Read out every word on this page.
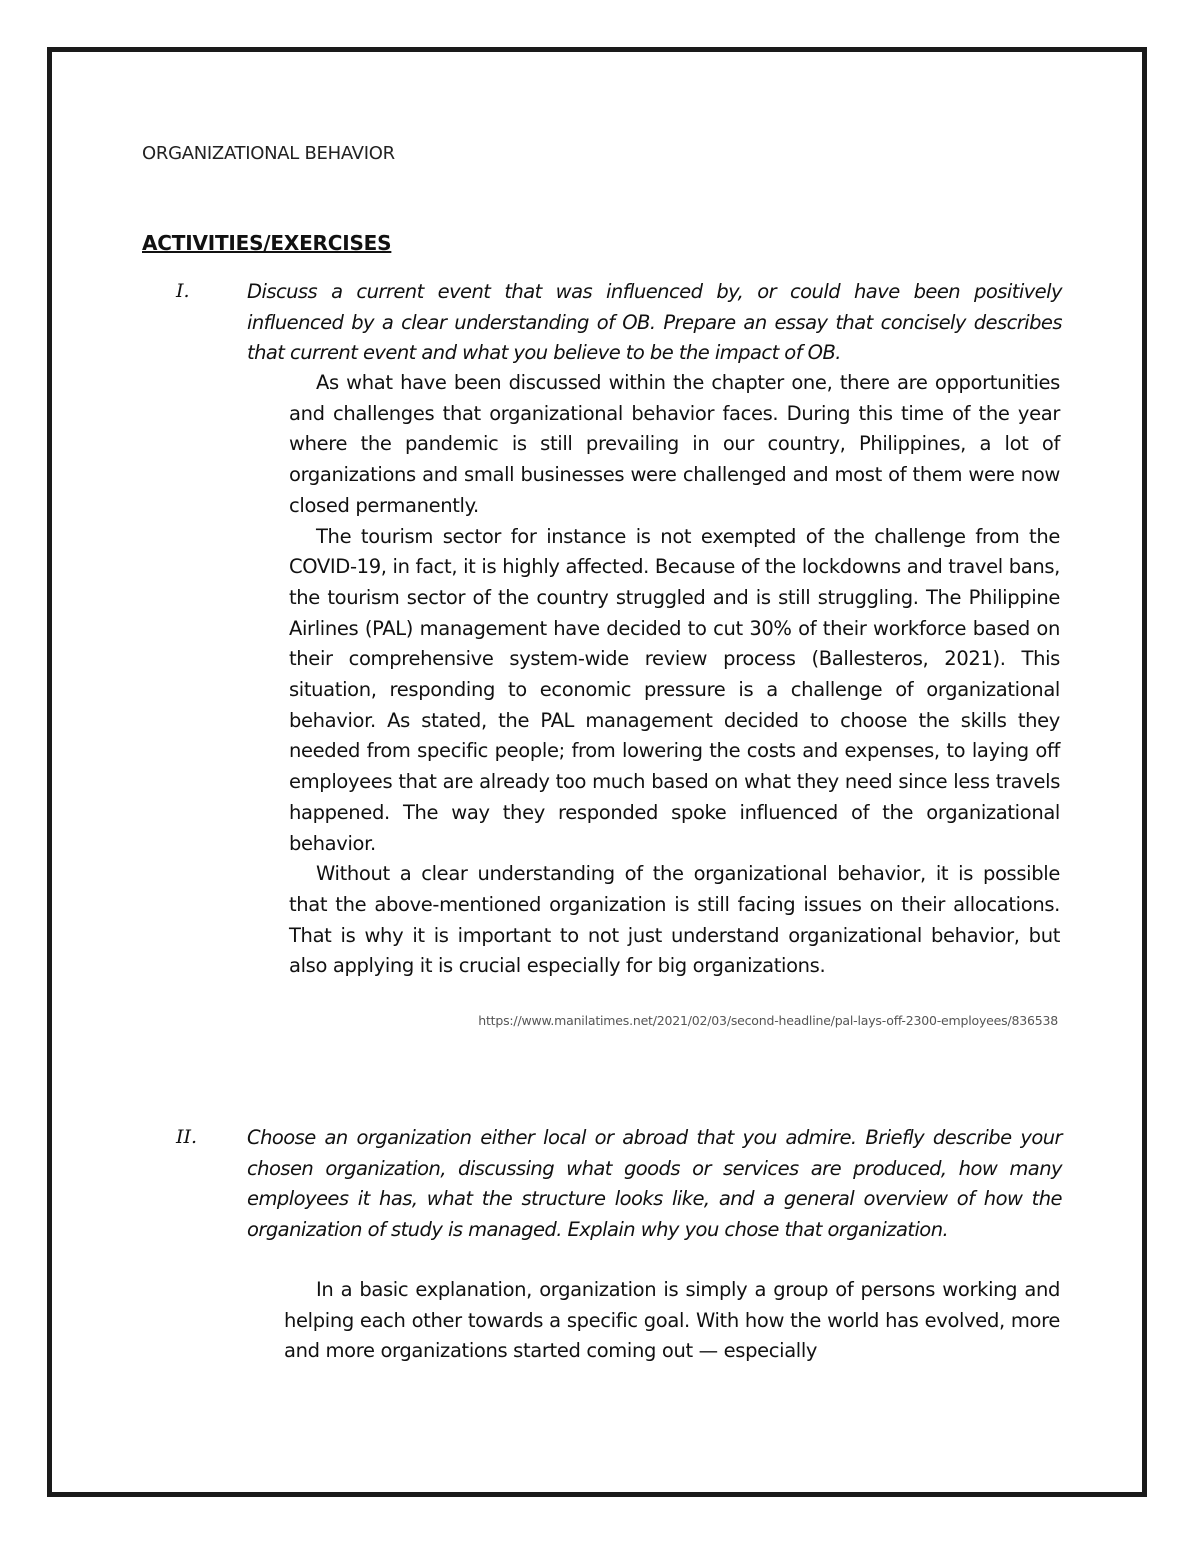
ORGANIZATIONAL BEHAVIOR
ACTIVITIES/EXERCISES
I.	Discuss a current event that was influenced by, or could have been positively influenced by a clear understanding of OB. Prepare an essay that concisely describes that current event and what you believe to be the impact of OB.

As what have been discussed within the chapter one, there are opportunities and challenges that organizational behavior faces. During this time of the year where the pandemic is still prevailing in our country, Philippines, a lot of organizations and small businesses were challenged and most of them were now closed permanently.

The tourism sector for instance is not exempted of the challenge from the COVID-19, in fact, it is highly affected. Because of the lockdowns and travel bans, the tourism sector of the country struggled and is still struggling. The Philippine Airlines (PAL) management have decided to cut 30% of their workforce based on their comprehensive system-wide review process (Ballesteros, 2021). This situation, responding to economic pressure is a challenge of organizational behavior. As stated, the PAL management decided to choose the skills they needed from specific people; from lowering the costs and expenses, to laying off employees that are already too much based on what they need since less travels happened. The way they responded spoke influenced of the organizational behavior.

Without a clear understanding of the organizational behavior, it is possible that the above-mentioned organization is still facing issues on their allocations. That is why it is important to not just understand organizational behavior, but also applying it is crucial especially for big organizations.

https://www.manilatimes.net/2021/02/03/second-headline/pal-lays-off-2300-employees/836538
II.	Choose an organization either local or abroad that you admire. Briefly describe your chosen organization, discussing what goods or services are produced, how many employees it has, what the structure looks like, and a general overview of how the organization of study is managed. Explain why you chose that organization.

In a basic explanation, organization is simply a group of persons working and helping each other towards a specific goal. With how the world has evolved, more and more organizations started coming out — especially
